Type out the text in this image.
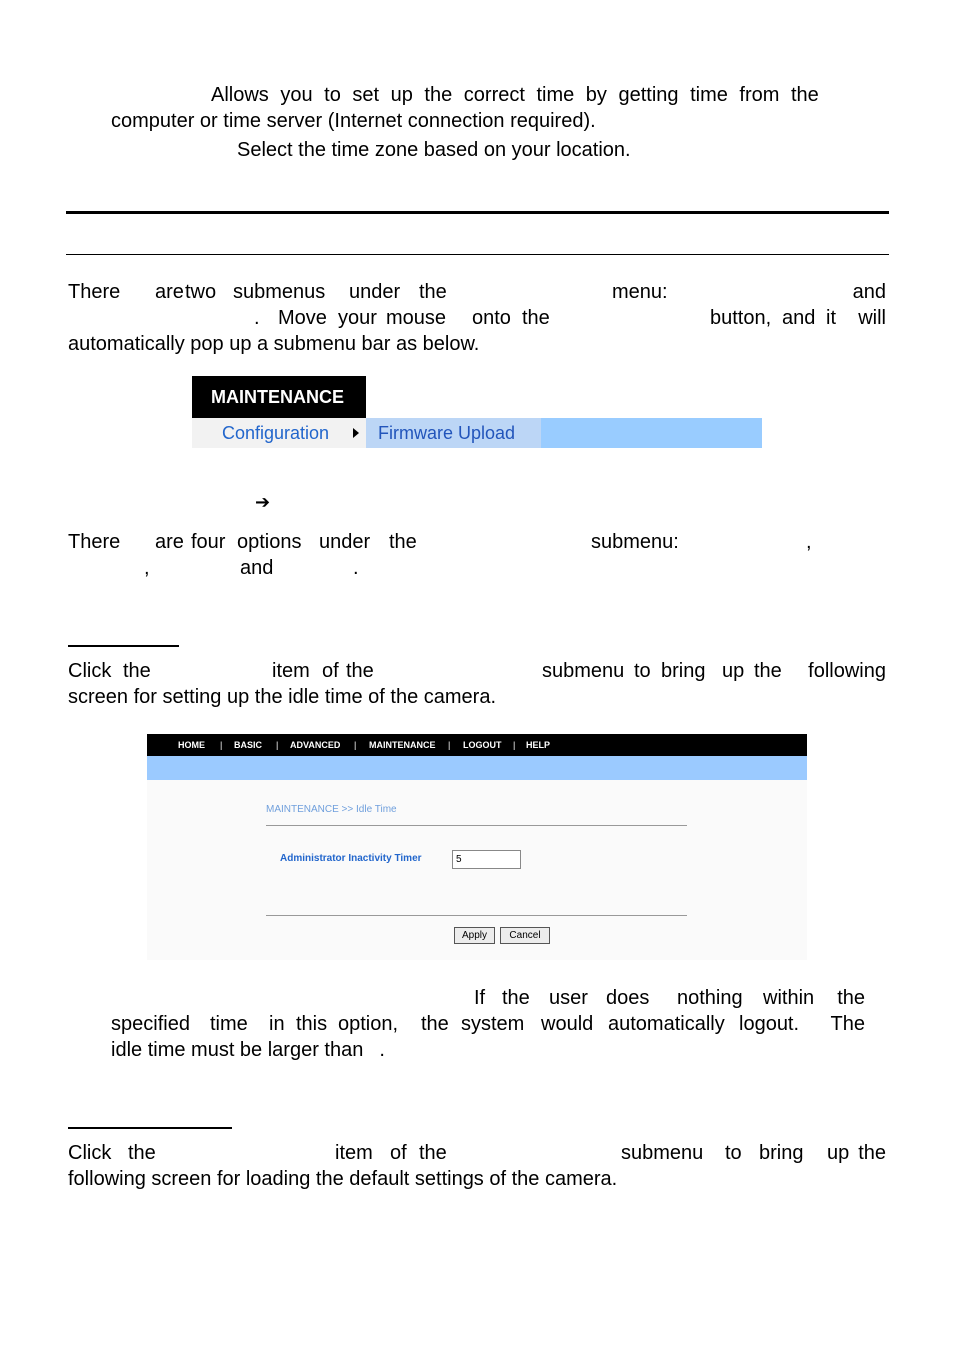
Allows you to set up the correct time by getting time from the
computer or time server (Internet connection required).
Select the time zone based on your location.
There are two submenus under the	menu:	and
. Move your mouse onto the	button, and it will
automatically pop up a submenu bar as below.
MAINTENANCE
Configuration	Firmware Upload
➔
There are four options under the	submenu:	,
,	and	.
Click the	item of the	submenu to bring up the following
screen for setting up the idle time of the camera.
HOME | BASIC | ADVANCED | MAINTENANCE | LOGOUT | HELP
MAINTENANCE >> Idle Time
Administrator Inactivity Timer
5
Apply	Cancel
If the user does nothing within the
specified time in this option, the system would automatically logout. The
idle time must be larger than .
Click the	item of the	submenu to bring up the
following screen for loading the default settings of the camera.
